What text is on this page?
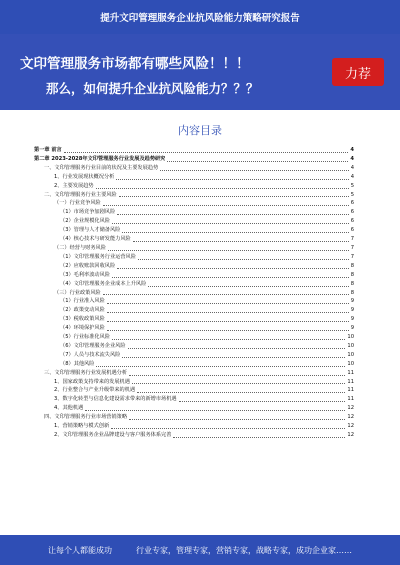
提升文印管理服务企业抗风险能力策略研究报告
文印管理服务市场都有哪些风险！！！
那么，如何提升企业抗风险能力？？？
力荐
内容目录
第一章 前言	4
第二章 2023-2028年文印管理服务行业发展及趋势研究	4
一、文印管理服务行业目前的状况及主要发展趋势	4
1、行业发展现状概况分析	4
2、主要发展趋势	5
二、文印管理服务行业主要风险	5
（一）行业竞争风险	6
（1）市场竞争加剧风险	6
（2）企业规模化风险	6
（3）管理与人才储备风险	6
（4）核心技术与研发能力风险	7
（二）经营与财务风险	7
（1）文印管理服务行业运营风险	7
（2）应收账款回收风险	8
（3）毛利率波动风险	8
（4）文印管理服务企业成本上升风险	8
（三）行业政策风险	8
（1）行业准入风险	9
（2）政策变动风险	9
（3）税收政策风险	9
（4）环境保护风险	9
（5）行业标准化风险	10
（6）文印管理服务企业风险	10
（7）人员与技术流失风险	10
（8）其他风险	10
三、文印管理服务行业发展机遇分析	11
1、国家政策支持带来的发展机遇	11
2、行业整合与产业升级带来的机遇	11
3、数字化转型与信息化建设需求带来的新增市场机遇	11
4、其他机遇	12
四、文印管理服务行业市场营销策略	12
1、营销策略与模式创新	12
2、文印管理服务企业品牌建设与客户服务体系完善	12
让每个人都能成功	行业专家，管理专家，营销专家，战略专家，成功企业家……
